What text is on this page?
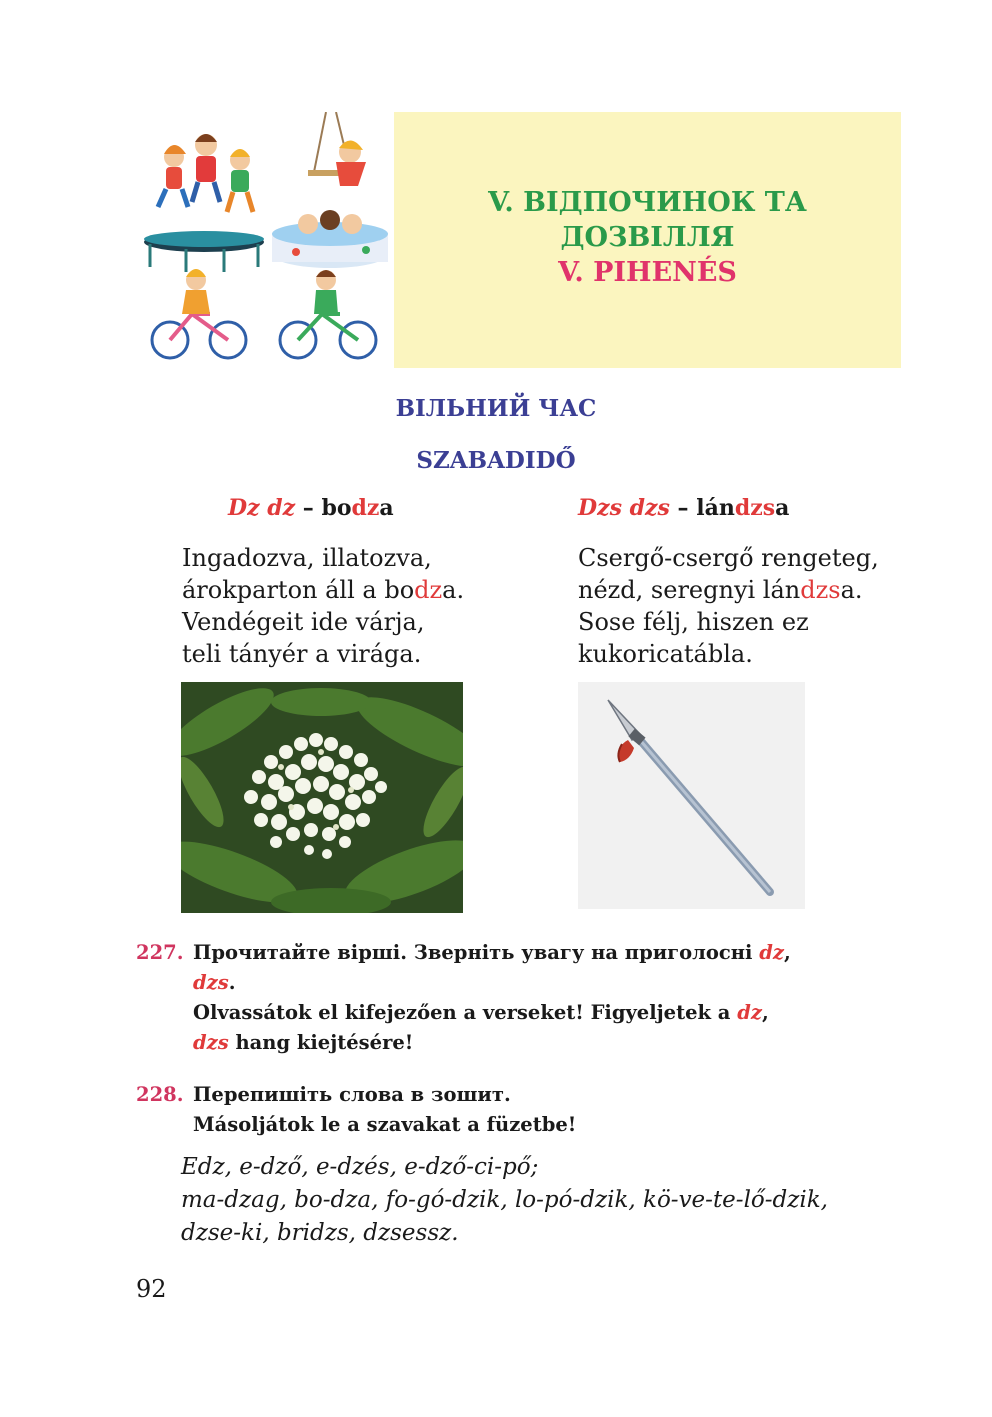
V. ВІДПОЧИНОК ТА
ДОЗВІЛЛЯ
V. PIHENÉS
ВІЛЬНИЙ ЧАС
SZABADIDŐ
Dz dz – bodza	Dzs dzs – lándzsa
Ingadozva, illatozva,
árokparton áll a bodza.
Vendégeit ide várja,
teli tányér a virága.
Csergő-csergő rengeteg,
nézd, seregnyi lándzsa.
Sose félj, hiszen ez
kukoricatábla.
227. Прочитайте вірші. Зверніть увагу на приголосні dz,
dzs.
Olvassátok el kifejezően a verseket! Figyeljetek a dz,
dzs hang kiejtésére!
228. Перепишіть слова в зошит.
Másoljátok le a szavakat a füzetbe!
Edz, e-dző, e-dzés, e-dző-ci-pő;
ma-dzag, bo-dza, fo-gó-dzik, lo-pó-dzik, kö-ve-te-lő-dzik,
dzse-ki, bridzs, dzsessz.
92
